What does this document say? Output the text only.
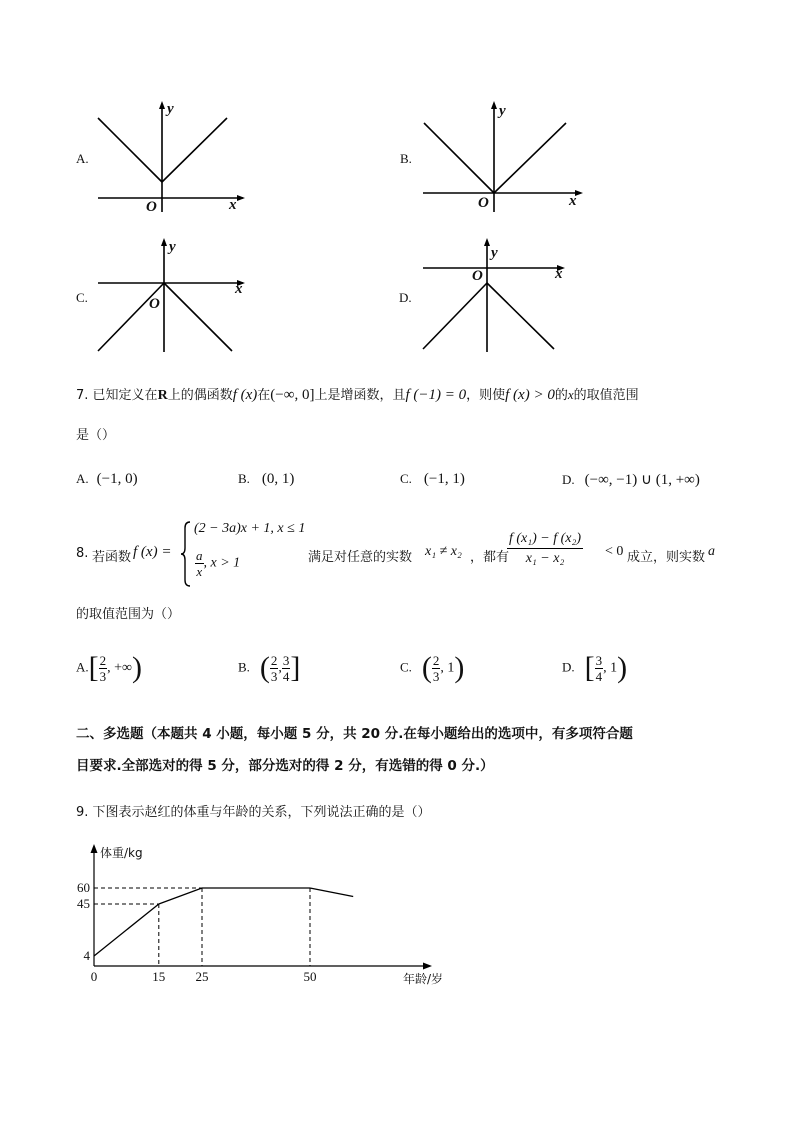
A.
y
x
O
B.
y
x
O
C.
y
x
O	D.
y
x
O
7. 已知定义在R上的偶函数f (x)在(−∞, 0]上是增函数，且f (−1) = 0，则使f (x) > 0的x的取值范围
是（）
A. (−1, 0)	B. (0, 1)	C. (−1, 1)	D. (−∞, −1) ∪ (1, +∞)
8. 若函数 f (x) =
(2 − 3a)x + 1, x ≤ 1
$\frac{a}{x}$ , x > 1	满足对任意的实数 x₁ ≠ x₂ ，都有
$\frac{\text{f (x₁) − f (x₂)}}{\text{x₁ − x₂}} < 0$ 成立，则实数 a
的取值范围为（）
$A.[ \frac{2}{3}$ , +∞)	B. ( $\frac{2}{3}$ , $\frac{3}{4}$ ]	C. ( $\frac{2}{3}$ , 1)	D. [ $\frac{3}{4}$ , 1)
二、多选题（本题共 4 小题，每小题 5 分，共 20 分.在每小题给出的选项中，有多项符合题
目要求.全部选对的得 5 分，部分选对的得 2 分，有选错的得 0 分.）
9. 下图表示赵红的体重与年龄的关系，下列说法正确的是（）
4
45
60
0	15 25	50
体重/kg
年龄/岁
